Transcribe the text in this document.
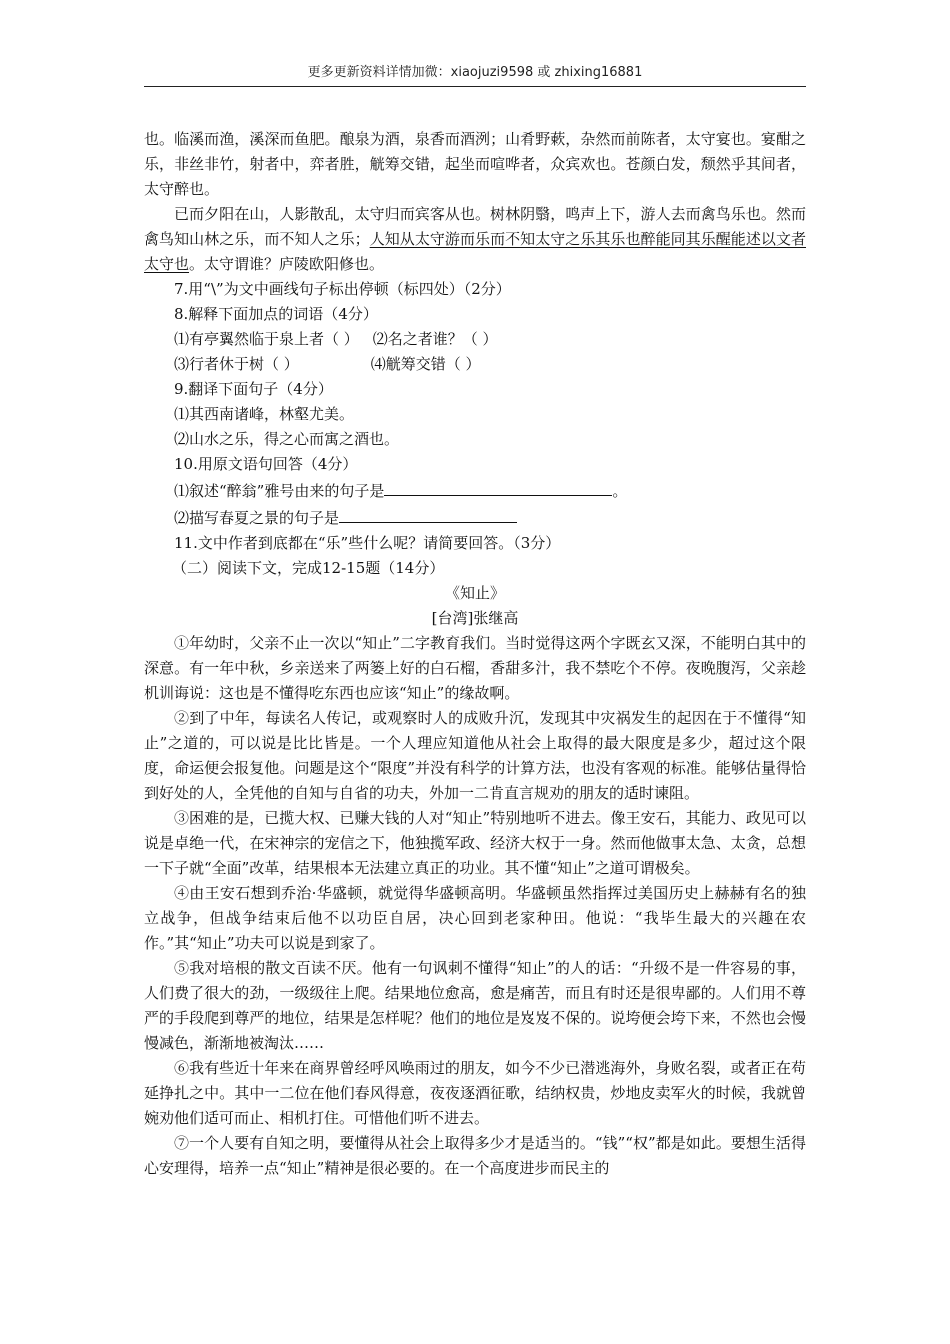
更多更新资料详情加微：xiaojuzi9598 或 zhixing16881

也。临溪而渔，溪深而鱼肥。酿泉为酒，泉香而酒洌；山肴野蔌，杂然而前陈者，太守宴也。宴酣之乐，非丝非竹，射者中，弈者胜，觥筹交错，起坐而喧哗者，众宾欢也。苍颜白发，颓然乎其间者，太守醉也。

已而夕阳在山，人影散乱，太守归而宾客从也。树林阴翳，鸣声上下，游人去而禽鸟乐也。然而禽鸟知山林之乐，而不知人之乐；人知从太守游而乐而不知太守之乐其乐也醉能同其乐醒能述以文者太守也。太守谓谁？庐陵欧阳修也。

7.用“\”为文中画线句子标出停顿（标四处）（2分）

8.解释下面加点的词语（4分）

⑴有亭翼然临于泉上者（ ） ⑵名之者谁？（ ）

⑶行者休于树（ ）	⑷觥筹交错（ ）

9.翻译下面句子（4分）

⑴其西南诸峰，林壑尤美。

⑵山水之乐，得之心而寓之酒也。

10.用原文语句回答（4分）

⑴叙述“醉翁”雅号由来的句子是	。

⑵描写春夏之景的句子是

11.文中作者到底都在“乐”些什么呢？请简要回答。（3分）

（二）阅读下文，完成12-15题（14分）

《知止》

[台湾]张继高

①年幼时，父亲不止一次以“知止”二字教育我们。当时觉得这两个字既玄又深，不能明白其中的深意。有一年中秋，乡亲送来了两篓上好的白石榴，香甜多汁，我不禁吃个不停。夜晚腹泻，父亲趁机训诲说：这也是不懂得吃东西也应该“知止”的缘故啊。

②到了中年，每读名人传记，或观察时人的成败升沉，发现其中灾祸发生的起因在于不懂得“知止”之道的，可以说是比比皆是。一个人理应知道他从社会上取得的最大限度是多少，超过这个限度，命运便会报复他。问题是这个“限度”并没有科学的计算方法，也没有客观的标准。能够估量得恰到好处的人，全凭他的自知与自省的功夫，外加一二肯直言规劝的朋友的适时谏阻。

③困难的是，已揽大权、已赚大钱的人对“知止”特别地听不进去。像王安石，其能力、政见可以说是卓绝一代，在宋神宗的宠信之下，他独揽军政、经济大权于一身。然而他做事太急、太贪，总想一下子就“全面”改革，结果根本无法建立真正的功业。其不懂“知止”之道可谓极矣。

④由王安石想到乔治·华盛顿，就觉得华盛顿高明。华盛顿虽然指挥过美国历史上赫赫有名的独立战争，但战争结束后他不以功臣自居，决心回到老家种田。他说：“我毕生最大的兴趣在农作。”其“知止”功夫可以说是到家了。

⑤我对培根的散文百读不厌。他有一句讽刺不懂得“知止”的人的话：“升级不是一件容易的事，人们费了很大的劲，一级级往上爬。结果地位愈高，愈是痛苦，而且有时还是很卑鄙的。人们用不尊严的手段爬到尊严的地位，结果是怎样呢？他们的地位是岌岌不保的。说垮便会垮下来，不然也会慢慢减色，渐渐地被淘汰……

⑥我有些近十年来在商界曾经呼风唤雨过的朋友，如今不少已潜逃海外，身败名裂，或者正在苟延挣扎之中。其中一二位在他们春风得意，夜夜逐酒征歌，结纳权贵，炒地皮卖军火的时候，我就曾婉劝他们适可而止、相机打住。可惜他们听不进去。

⑦一个人要有自知之明，要懂得从社会上取得多少才是适当的。“钱”“权”都是如此。要想生活得心安理得，培养一点“知止”精神是很必要的。在一个高度进步而民主的
